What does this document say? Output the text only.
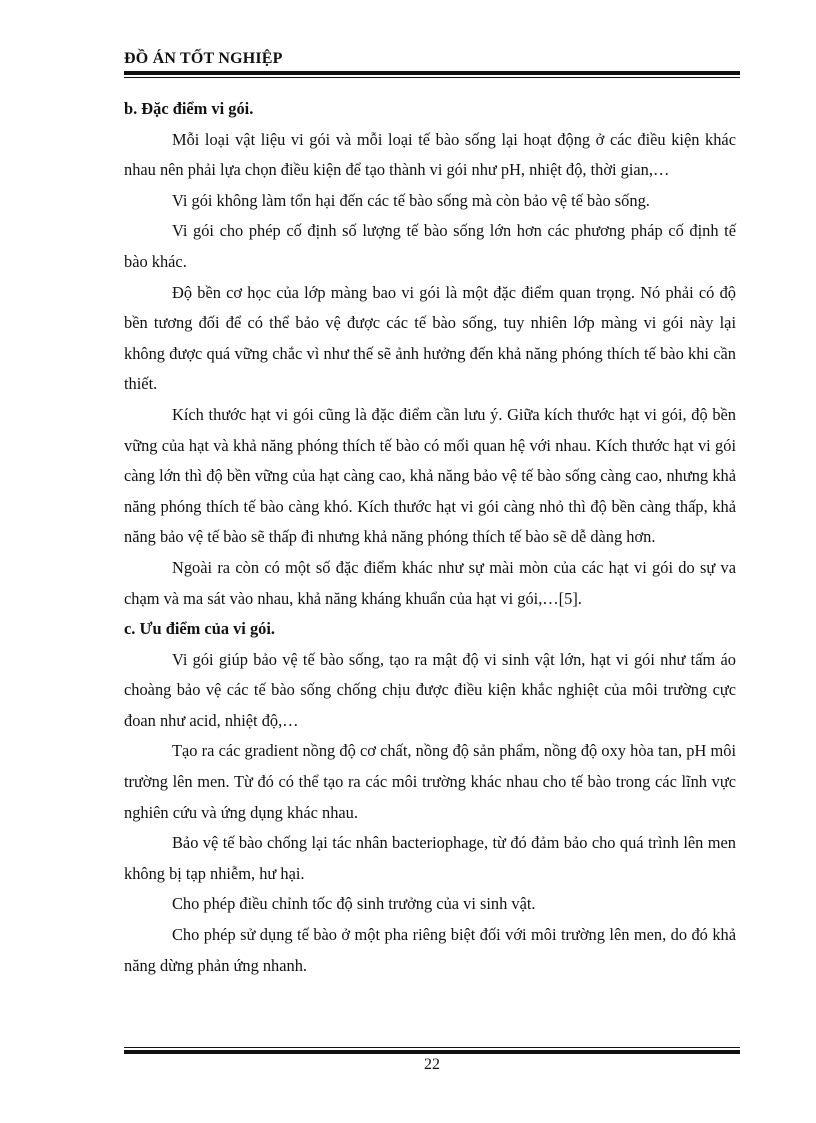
ĐỒ ÁN TỐT NGHIỆP
b. Đặc điểm vi gói.

Mỗi loại vật liệu vi gói và mỗi loại tế bào sống lại hoạt động ở các điều kiện khác nhau nên phải lựa chọn điều kiện để tạo thành vi gói như pH, nhiệt độ, thời gian,…

Vi gói không làm tổn hại đến các tế bào sống mà còn bảo vệ tế bào sống.

Vi gói cho phép cố định số lượng tế bào sống lớn hơn các phương pháp cố định tế bào khác.

Độ bền cơ học của lớp màng bao vi gói là một đặc điểm quan trọng. Nó phải có độ bền tương đối để có thể bảo vệ được các tế bào sống, tuy nhiên lớp màng vi gói này lại không được quá vững chắc vì như thế sẽ ảnh hưởng đến khả năng phóng thích tế bào khi cần thiết.

Kích thước hạt vi gói cũng là đặc điểm cần lưu ý. Giữa kích thước hạt vi gói, độ bền vững của hạt và khả năng phóng thích tế bào có mối quan hệ với nhau. Kích thước hạt vi gói càng lớn thì độ bền vững của hạt càng cao, khả năng bảo vệ tế bào sống càng cao, nhưng khả năng phóng thích tế bào càng khó. Kích thước hạt vi gói càng nhỏ thì độ bền càng thấp, khả năng bảo vệ tế bào sẽ thấp đi nhưng khả năng phóng thích tế bào sẽ dễ dàng hơn.

Ngoài ra còn có một số đặc điểm khác như sự mài mòn của các hạt vi gói do sự va chạm và ma sát vào nhau, khả năng kháng khuẩn của hạt vi gói,…[5].

c. Ưu điểm của vi gói.

Vi gói giúp bảo vệ tế bào sống, tạo ra mật độ vi sinh vật lớn, hạt vi gói như tấm áo choàng bảo vệ các tế bào sống chống chịu được điều kiện khắc nghiệt của môi trường cực đoan như acid, nhiệt độ,…

Tạo ra các gradient nồng độ cơ chất, nồng độ sản phẩm, nồng độ oxy hòa tan, pH môi trường lên men. Từ đó có thể tạo ra các môi trường khác nhau cho tế bào trong các lĩnh vực nghiên cứu và ứng dụng khác nhau.

Bảo vệ tế bào chống lại tác nhân bacteriophage, từ đó đảm bảo cho quá trình lên men không bị tạp nhiễm, hư hại.

Cho phép điều chỉnh tốc độ sinh trưởng của vi sinh vật.

Cho phép sử dụng tế bào ở một pha riêng biệt đối với môi trường lên men, do đó khả năng dừng phản ứng nhanh.

22
